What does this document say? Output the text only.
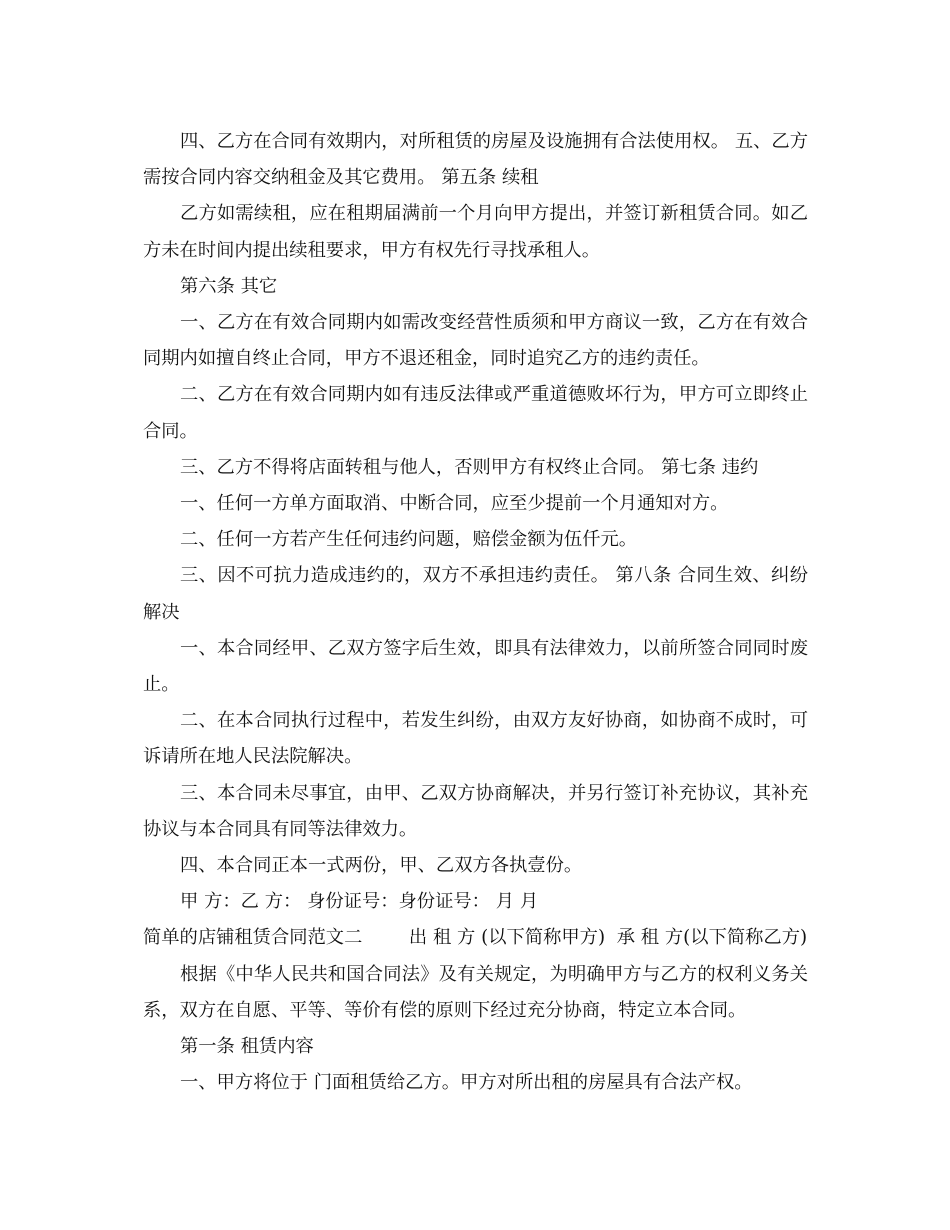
四、乙方在合同有效期内，对所租赁的房屋及设施拥有合法使用权。 五、乙方需按合同内容交纳租金及其它费用。 第五条 续租

乙方如需续租，应在租期届满前一个月向甲方提出，并签订新租赁合同。如乙方未在时间内提出续租要求，甲方有权先行寻找承租人。

第六条 其它

一、乙方在有效合同期内如需改变经营性质须和甲方商议一致，乙方在有效合同期内如擅自终止合同，甲方不退还租金，同时追究乙方的违约责任。

二、乙方在有效合同期内如有违反法律或严重道德败坏行为，甲方可立即终止合同。

三、乙方不得将店面转租与他人，否则甲方有权终止合同。 第七条 违约

一、任何一方单方面取消、中断合同，应至少提前一个月通知对方。

二、任何一方若产生任何违约问题，赔偿金额为伍仟元。

三、因不可抗力造成违约的，双方不承担违约责任。 第八条 合同生效、纠纷解决

一、本合同经甲、乙双方签字后生效，即具有法律效力，以前所签合同同时废止。

二、在本合同执行过程中，若发生纠纷，由双方友好协商，如协商不成时，可诉请所在地人民法院解决。

三、本合同未尽事宜，由甲、乙双方协商解决，并另行签订补充协议，其补充协议与本合同具有同等法律效力。

四、本合同正本一式两份，甲、乙双方各执壹份。

甲 方：乙 方： 身份证号：身份证号： 月 月

简单的店铺租赁合同范文二        出 租 方 (以下简称甲方)  承 租 方(以下简称乙方)

根据《中华人民共和国合同法》及有关规定，为明确甲方与乙方的权利义务关系，双方在自愿、平等、等价有偿的原则下经过充分协商，特定立本合同。

第一条 租赁内容

一、甲方将位于 门面租赁给乙方。甲方对所出租的房屋具有合法产权。
